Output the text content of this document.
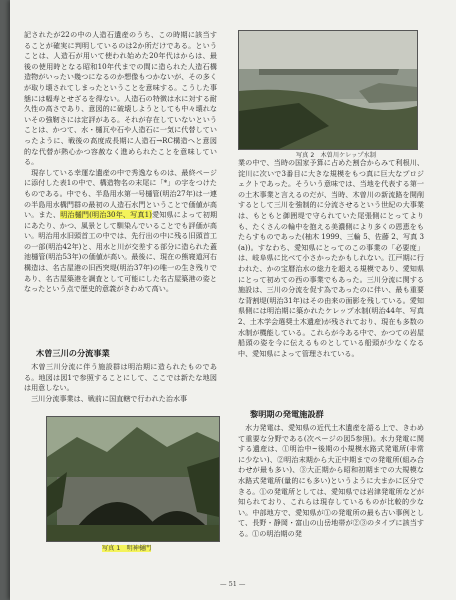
記されたが22の中の人造石遺産のうち、この時期に該当することが確実に判明しているのは2か所だけである。ということは、人造石が用いて使われ始めた20年代はからは、最後の使用時となる昭和10年代までの間に造られた人造石構造物がいったい幾つになるのか想像もつかないが、その多くが取り壊されてしまったということを意味する。こうした事態には幅寿とせざるを得ない。人造石の特徴は水に対する耐久性の高さであり、意図的に破壊しようとしても中々壊れないその強靭さには定評がある。それが存在していないということは、かつて、水・樋瓦や石や人造石に一気に代替していったように、戦後の高度成長期に人造石→RC構造へと意図的な代替が熱心かつ容赦なく進められたことを意味している。

現存している幸運な遺産の中で秀逸なものは、最終ページに添付した表1の中で、構造物名の末尾に「*」の字をつけたものである。中でも、半島用水第一号樋管(明治27年)は一連の半島用水構門群の最初の人造石水門ということで価値が高い。また、明治樋門(明治30年、写真1)愛知県によって初期にあたり、かつ、風景として馴染んでいることでも評価が高い。明治用水旧頭首工の中では、先行出の中に残る旧頭首工の一部(明治42年)と、用水と川が交差する部分に造られた蓋池樋管(明治53年)の価値が高い。最後に、現在の熊寝道河右構造は、名古屋港の旧西突堤(明治37年)の唯一の生き残りであり、名古屋築港を調査として可能にした名古屋築港の姿となったという点で歴史的意義がきわめて高い。

木曽三川の分流事業

木曽三川分流に伴う施設群は明治期に造られたものである。地図は図1で参照することにして、ここでは新たな地図は用意しない。

三川分流事業は、戦前に国直轄で行われた治水事

写真 1　明神樋門
写真 2　木曽川ケレップ水制

業の中で、当時の国家予算に占めた割合からみて利根川、淀川に次いで3番目に大きな規模をもつ真に巨大なプロジェクトであった。そういう意味では、当地を代表する第一の土木事業と言えるのだが、当時、木曽川の新流路を開削するとして三川を強制的に分流させるという世紀の大事業は、もともと御囲堤で守られていた尾張側にとってよりも、たくさんの輪中を抱える美濃側により多くの恩恵をもたらすものであった(柚木 1999、三輪 5、佐藤 2、写真 3(a))。すなわち、愛知県にとってのこの事業の「必要度」は、岐阜県に比べて小さかったかもしれない。江戸期に行われた、かの宝暦治水の総力を超える規模であり、愛知県にとって初めての西の事業でもあった。三川分流に関する施設は、三川の分流を促す為であったのに伴い、最も重要な背割堤(明治31年)はその由来の面影を残している。愛知県側には明治期に築かれたケレップ水制(明治44年、写真2、土木学会選奨土木遺産)が残されており、現在も多数の水制が機能している。これらが今ある中で、かつての岩屋船頭の姿を今に伝えるものとしている船頭が少なくなる中、愛知県によって管理されている。

黎明期の発電施設群

水力発電は、愛知県の近代土木遺産を語る上で、きわめて重要な分野である(次ページの図5参照)。水力発電に関する遺産は、①明治中~後期の小規模水路式発電所(非常に少ない)、②明治末期から大正中期までの発電所(組み合わせが最も多い)、③大正期から昭和初期までの大規模な水路式発電所(量的にも多い)というように大まかに区分できる。①の発電所としては、愛知県では岩津発電所などが知られており、これらは現存しているものが比較的少ない。中部地方で、愛知県が①の発電所の最も古い事例として、長野・静岡・富山の山岳地帯が②③のタイプに該当する。①の明治期の発

— 51 —
